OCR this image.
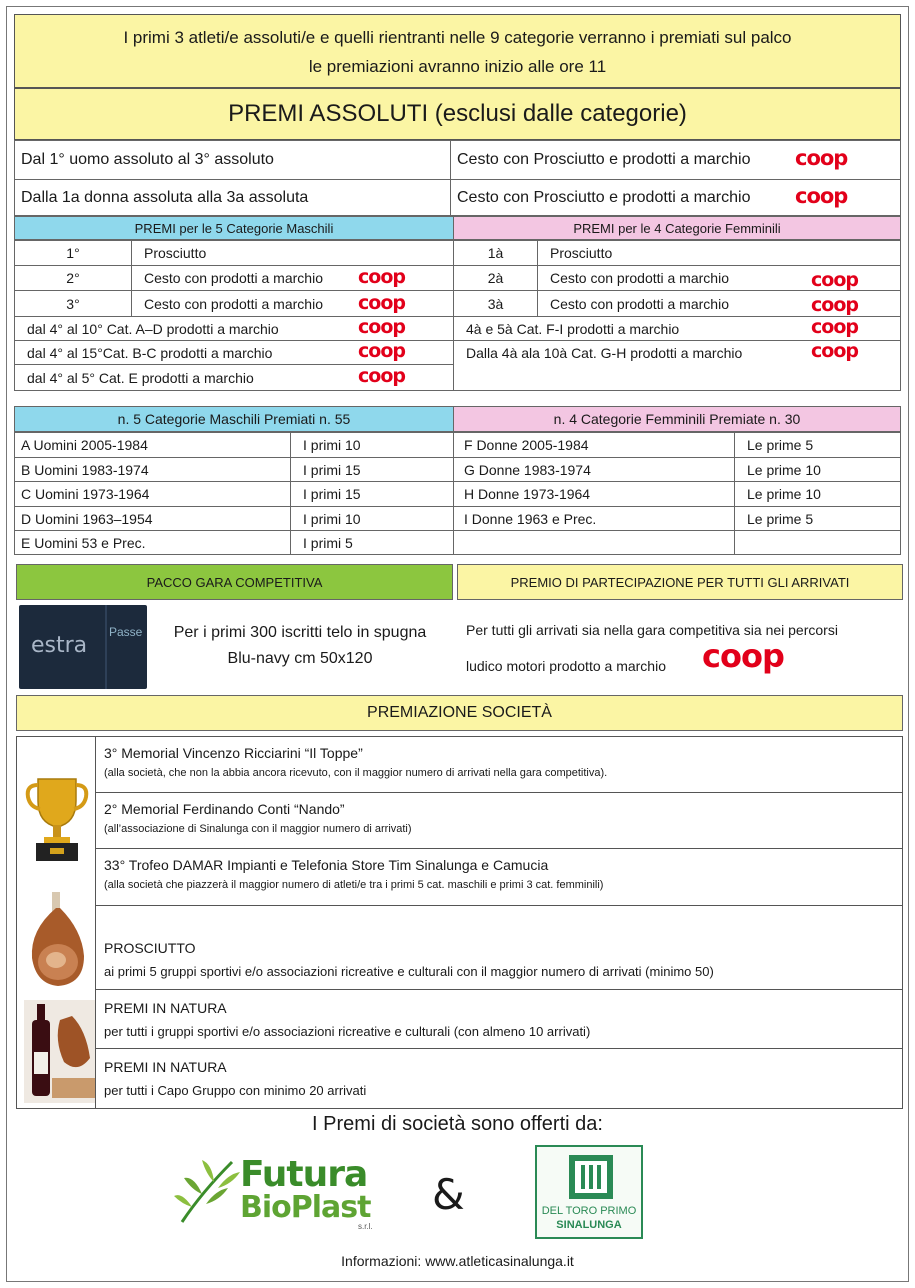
I primi 3 atleti/e assoluti/e e quelli rientranti nelle 9 categorie verranno i premiati sul palco
le premiazioni avranno inizio alle ore 11
PREMI ASSOLUTI (esclusi dalle categorie)
Dal 1° uomo assoluto al 3° assoluto	Cesto con Prosciutto e prodotti a marchio
Dalla 1a donna assoluta alla 3a assoluta	Cesto con Prosciutto e prodotti a marchio
coop
coop
PREMI per le 5 Categorie Maschili	PREMI per le 4 Categorie Femminili
1°	Prosciutto
2°	Cesto con prodotti a marchio
3°	Cesto con prodotti a marchio
dal 4° al 10° Cat. A–D prodotti a marchio
dal 4° al 15°Cat. B-C prodotti a marchio
dal 4° al 5° Cat. E prodotti a marchio
coop
coop
coop
coop
coop
1à	Prosciutto
2à	Cesto con prodotti a marchio
3à	Cesto con prodotti a marchio
4à e 5à Cat. F-I prodotti a marchio
Dalla 4à ala 10à Cat. G-H prodotti a marchio
coop
coop
coop
coop
n. 5 Categorie Maschili Premiati n. 55	n. 4 Categorie Femminili Premiate n. 30
A Uomini 2005-1984	I primi 10	F Donne 2005-1984	Le prime 5
B Uomini 1983-1974	I primi 15	G Donne 1983-1974	Le prime 10
C Uomini 1973-1964	I primi 15	H Donne 1973-1964	Le prime 10
D Uomini 1963–1954	I primi 10	I Donne 1963 e Prec.	Le prime 5
E Uomini 53 e Prec.	I primi 5
PACCO GARA COMPETITIVA	PREMIO DI PARTECIPAZIONE PER TUTTI GLI ARRIVATI
estra
Passe	Per i primi 300 iscritti telo in spugna
Blu-navy cm 50x120
Per tutti gli arrivati sia nella gara competitiva sia nei percorsi
ludico motori prodotto a marchio	coop
PREMIAZIONE SOCIETÀ
3° Memorial Vincenzo Ricciarini “Il Toppe”
(alla società, che non la abbia ancora ricevuto, con il maggior numero di arrivati nella gara competitiva).
2° Memorial Ferdinando Conti “Nando”
(all’associazione di Sinalunga con il maggior numero di arrivati)
33° Trofeo DAMAR Impianti e Telefonia Store Tim Sinalunga e Camucia
(alla società che piazzerà il maggior numero di atleti/e tra i primi 5 cat. maschili e primi 3 cat. femminili)
PROSCIUTTO
ai primi 5 gruppi sportivi e/o associazioni ricreative e culturali con il maggior numero di arrivati (minimo 50)
PREMI IN NATURA
per tutti i gruppi sportivi e/o associazioni ricreative e culturali (con almeno 10 arrivati)
PREMI IN NATURA
per tutti i Capo Gruppo con minimo 20 arrivati
I Premi di società sono offerti da:
Futura
BioPlast
s.r.l.
&	DEL TORO PRIMO
SINALUNGA
Informazioni: www.atleticasinalunga.it
